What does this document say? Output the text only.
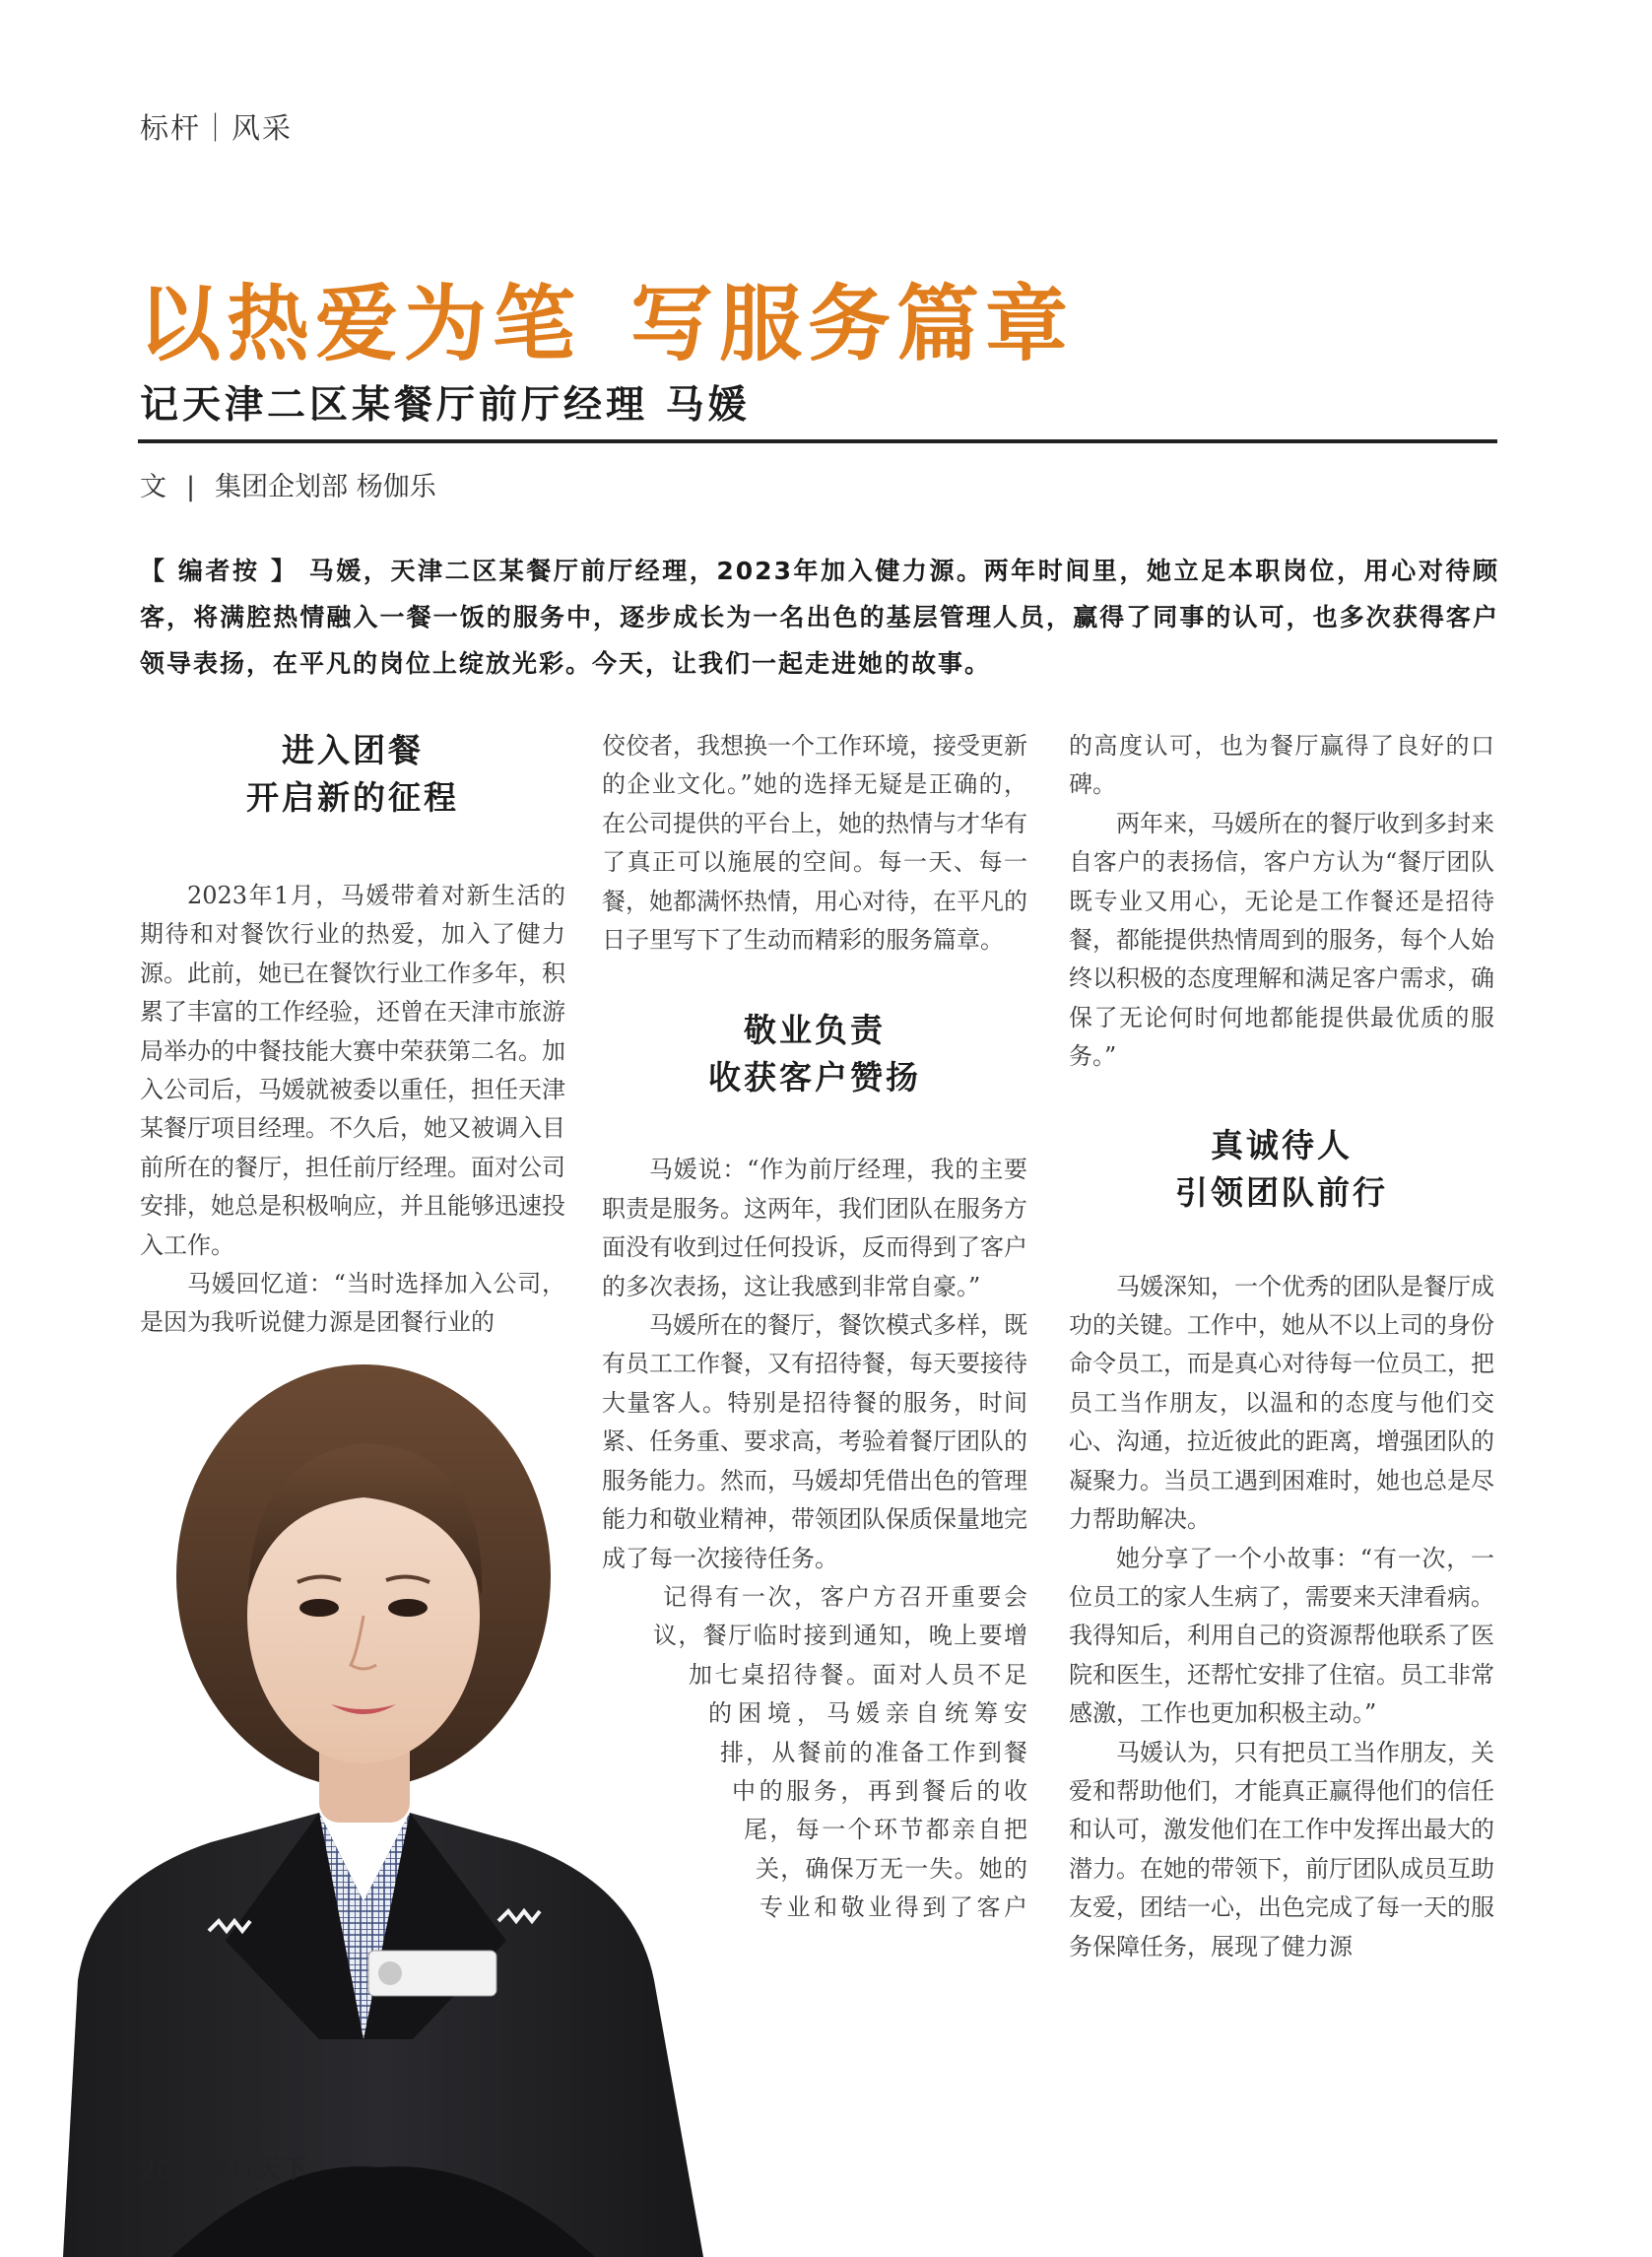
标杆｜风采
以热爱为笔 写服务篇章
记天津二区某餐厅前厅经理 马媛
文 | 集团企划部 杨伽乐
【 编者按 】 马媛，天津二区某餐厅前厅经理，2023年加入健力源。两年时间里，她立足本职岗位，用心对待顾客，将满腔热情融入一餐一饭的服务中，逐步成长为一名出色的基层管理人员，赢得了同事的认可，也多次获得客户领导表扬，在平凡的岗位上绽放光彩。今天，让我们一起走进她的故事。
进入团餐
开启新的征程

2023年1月，马媛带着对新生活的期待和对餐饮行业的热爱，加入了健力源。此前，她已在餐饮行业工作多年，积累了丰富的工作经验，还曾在天津市旅游局举办的中餐技能大赛中荣获第二名。加入公司后，马媛就被委以重任，担任天津某餐厅项目经理。不久后，她又被调入目前所在的餐厅，担任前厅经理。面对公司安排，她总是积极响应，并且能够迅速投入工作。

马媛回忆道：“当时选择加入公司，是因为我听说健力源是团餐行业的

佼佼者，我想换一个工作环境，接受更新的企业文化。”她的选择无疑是正确的，在公司提供的平台上，她的热情与才华有了真正可以施展的空间。每一天、每一餐，她都满怀热情，用心对待，在平凡的日子里写下了生动而精彩的服务篇章。

敬业负责
收获客户赞扬

马媛说：“作为前厅经理，我的主要职责是服务。这两年，我们团队在服务方面没有收到过任何投诉，反而得到了客户的多次表扬，这让我感到非常自豪。”

马媛所在的餐厅，餐饮模式多样，既有员工工作餐，又有招待餐，每天要接待大量客人。特别是招待餐的服务，时间紧、任务重、要求高，考验着餐厅团队的服务能力。然而，马媛却凭借出色的管理能力和敬业精神，带领团队保质保量地完成了每一次接待任务。

记得有一次，客户方召开重要会
议，餐厅临时接到通知，晚上要增
加七桌招待餐。面对人员不足
的困境，马媛亲自统筹安
排，从餐前的准备工作到餐
中的服务，再到餐后的收
尾，每一个环节都亲自把
关，确保万无一失。她的
专业和敬业得到了客户

的高度认可，也为餐厅赢得了良好的口碑。

两年来，马媛所在的餐厅收到多封来自客户的表扬信，客户方认为“餐厅团队既专业又用心，无论是工作餐还是招待餐，都能提供热情周到的服务，每个人始终以积极的态度理解和满足客户需求，确保了无论何时何地都能提供最优质的服务。”

真诚待人
引领团队前行

马媛深知，一个优秀的团队是餐厅成功的关键。工作中，她从不以上司的身份命令员工，而是真心对待每一位员工，把员工当作朋友，以温和的态度与他们交心、沟通，拉近彼此的距离，增强团队的凝聚力。当员工遇到困难时，她也总是尽力帮助解决。

她分享了一个小故事：“有一次，一位员工的家人生病了，需要来天津看病。我得知后，利用自己的资源帮他联系了医院和医生，还帮忙安排了住宿。员工非常感激，工作也更加积极主动。”

马媛认为，只有把员工当作朋友，关爱和帮助他们，才能真正赢得他们的信任和认可，激发他们在工作中发挥出最大的潜力。在她的带领下，前厅团队成员互助友爱，团结一心，出色完成了每一天的服务保障任务，展现了健力源

20 / 健行天下
